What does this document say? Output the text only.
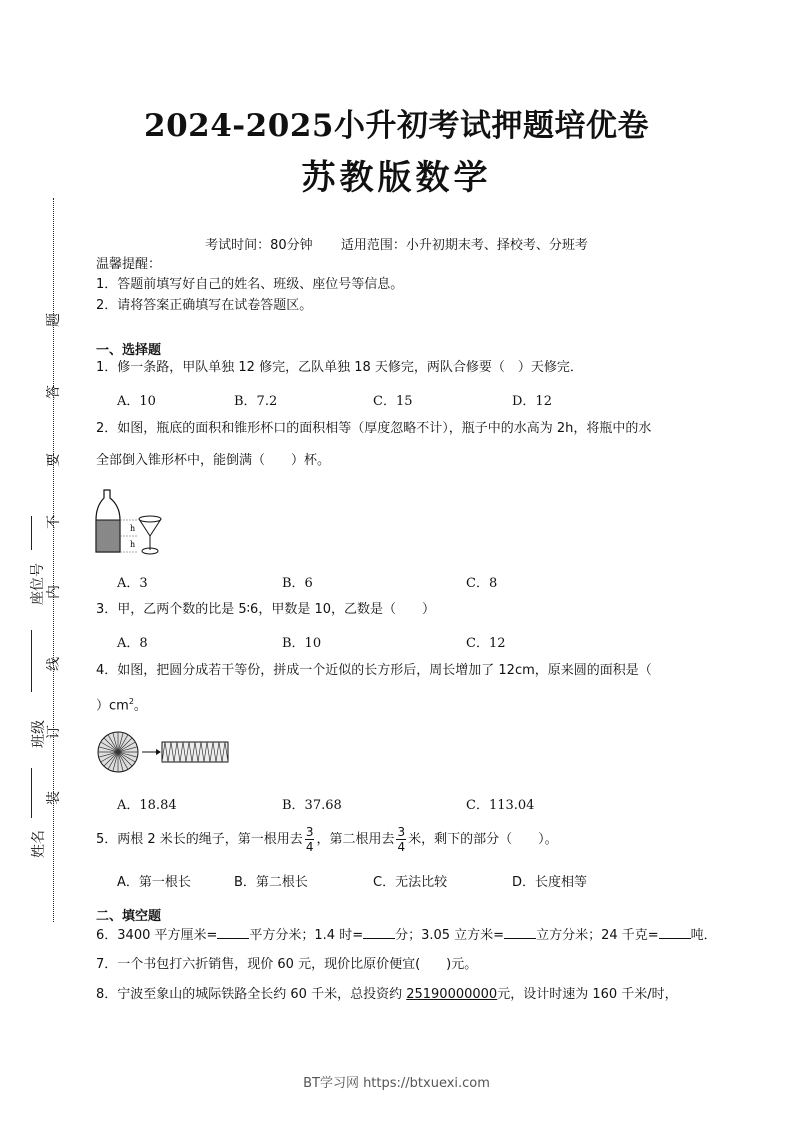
2024-2025小升初考试押题培优卷
苏教版数学
考试时间：80分钟 适用范围：小升初期末考、择校考、分班考
温馨提醒：
1．答题前填写好自己的姓名、班级、座位号等信息。
2．请将答案正确填写在试卷答题区。
题
答
要
不
内
线
订
装
座位号
班级
姓名
一、选择题
1．修一条路，甲队单独 12 修完，乙队单独 18 天修完，两队合修要（　）天修完．
A．10	B．7.2	C．15	D．12
2．如图，瓶底的面积和锥形杯口的面积相等（厚度忽略不计），瓶子中的水高为 2h，将瓶中的水
全部倒入锥形杯中，能倒满（　　）杯。
h
h
A．3	B．6	C．8
3．甲，乙两个数的比是 5∶6，甲数是 10，乙数是（　　）
A．8	B．10	C．12
4．如图，把圆分成若干等份，拼成一个近似的长方形后，周长增加了 12cm，原来圆的面积是（
）$cm^2$。
A．18.84	B．37.68	C．113.04
5．两根 2 米长的绳子，第一根用去 $\frac{3}{4}$ ，第二根用去 $\frac{3}{4}$ 米，剩下的部分（　　）。
A．第一根长	B．第二根长	C．无法比较	D．长度相等
二、填空题
6．3400 平方厘米= 平方分米；1.4 时= 分；3.05 立方米= 立方分米；24 千克= 吨．
7．一个书包打六折销售，现价 60 元，现价比原价便宜(　　)元。
8．宁波至象山的城际铁路全长约 60 千米，总投资约 25190000000元，设计时速为 160 千米/时，
BT学习网 https://btxuexi.com
